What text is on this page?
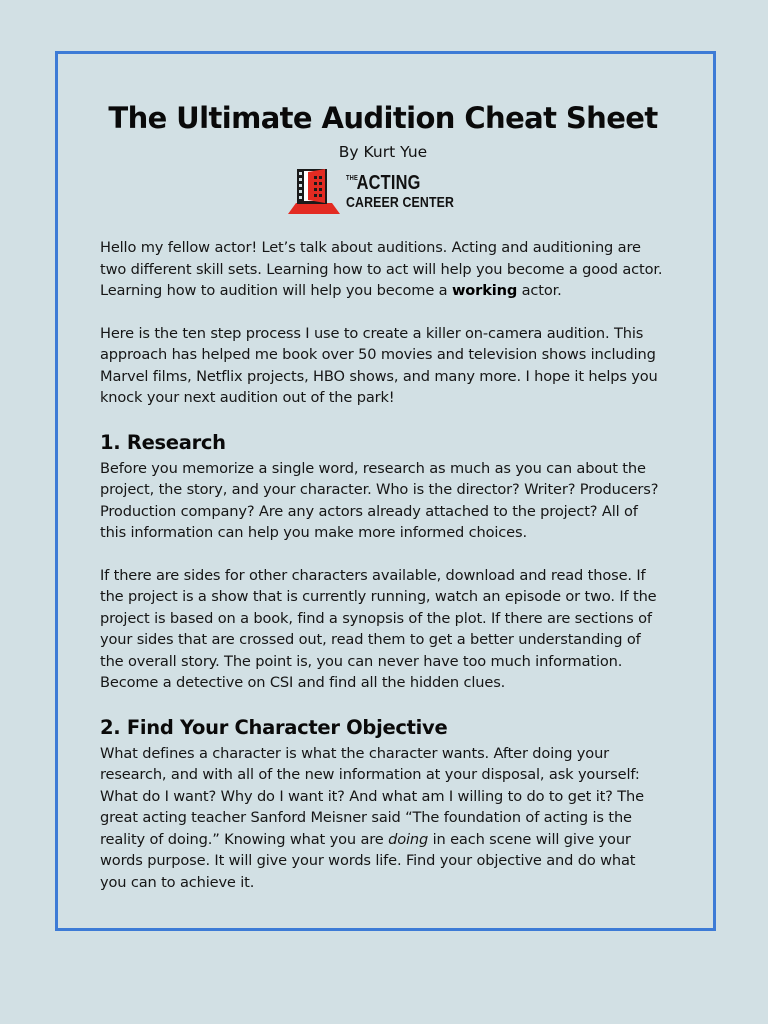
The Ultimate Audition Cheat Sheet
By Kurt Yue
THE
ACTING
CAREER CENTER

Hello my fellow actor! Let’s talk about auditions. Acting and auditioning are two different skill sets. Learning how to act will help you become a good actor. Learning how to audition will help you become a working actor.

Here is the ten step process I use to create a killer on-camera audition. This approach has helped me book over 50 movies and television shows including Marvel films, Netflix projects, HBO shows, and many more. I hope it helps you knock your next audition out of the park!

1. Research

Before you memorize a single word, research as much as you can about the project, the story, and your character. Who is the director? Writer? Producers? Production company? Are any actors already attached to the project? All of this information can help you make more informed choices.

If there are sides for other characters available, download and read those. If the project is a show that is currently running, watch an episode or two. If the project is based on a book, find a synopsis of the plot. If there are sections of your sides that are crossed out, read them to get a better understanding of the overall story. The point is, you can never have too much information. Become a detective on CSI and find all the hidden clues.

2. Find Your Character Objective

What defines a character is what the character wants. After doing your research, and with all of the new information at your disposal, ask yourself: What do I want? Why do I want it? And what am I willing to do to get it? The great acting teacher Sanford Meisner said “The foundation of acting is the reality of doing.” Knowing what you are doing in each scene will give your words purpose. It will give your words life. Find your objective and do what you can to achieve it.
